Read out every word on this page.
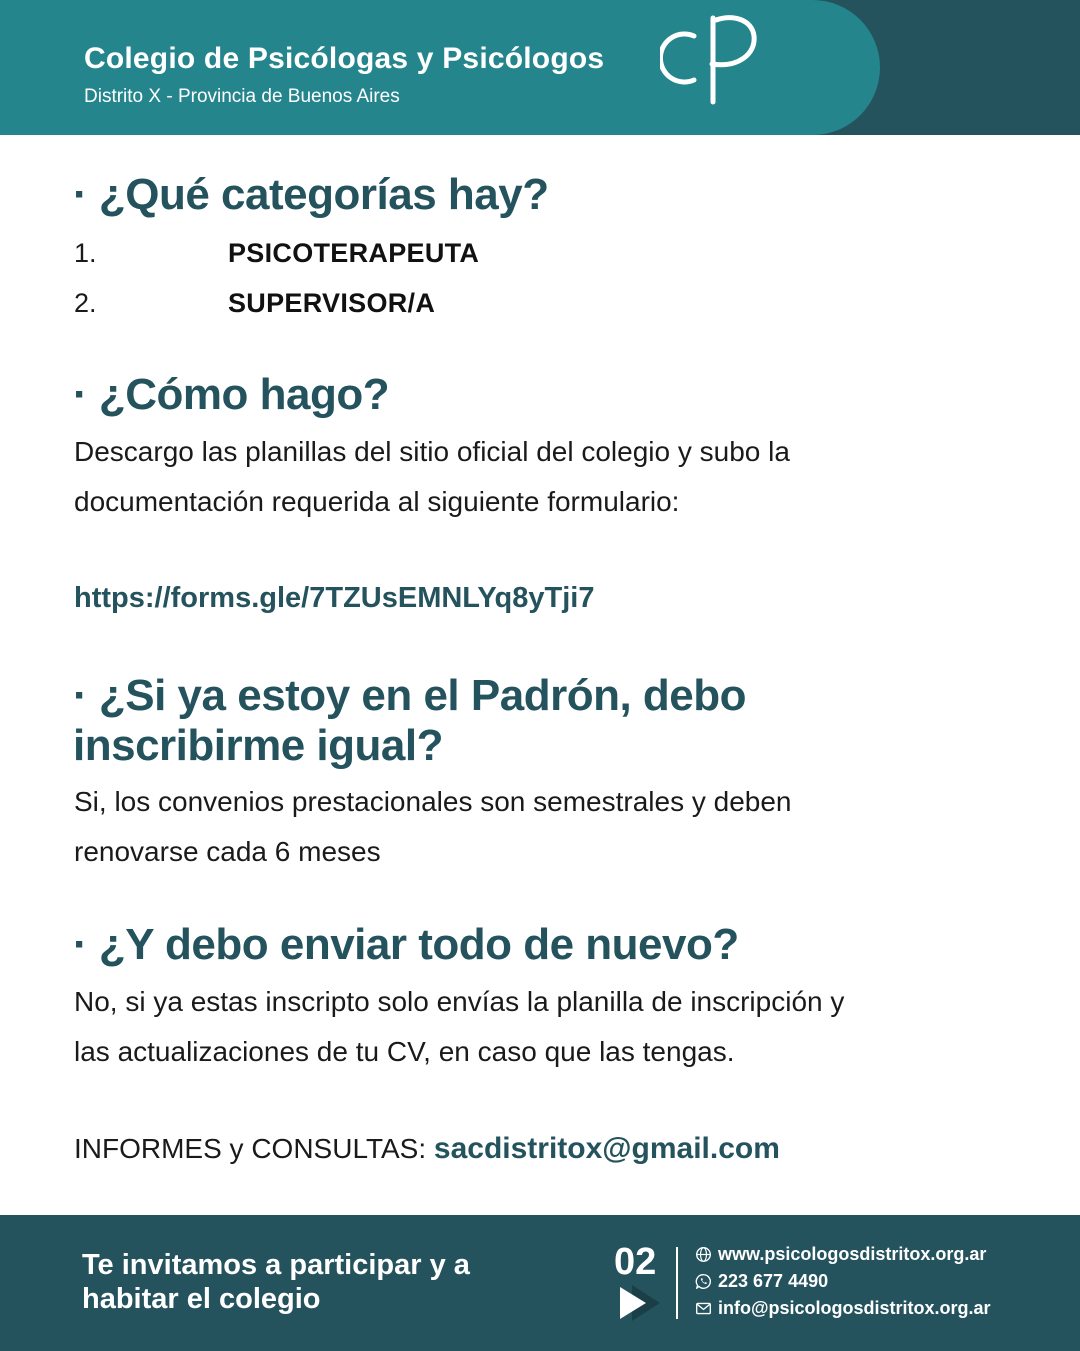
Colegio de Psicólogas y Psicólogos
Distrito X - Provincia de Buenos Aires
· ¿Qué categorías hay?
1.	PSICOTERAPEUTA
2.	SUPERVISOR/A
· ¿Cómo hago?
Descargo las planillas del sitio oficial del colegio y subo la
documentación requerida al siguiente formulario:
https://forms.gle/7TZUsEMNLYq8yTji7
· ¿Si ya estoy en el Padrón, debo
inscribirme igual?
Si, los convenios prestacionales son semestrales y deben
renovarse cada 6 meses
· ¿Y debo enviar todo de nuevo?
No, si ya estas inscripto solo envías la planilla de inscripción y
las actualizaciones de tu CV, en caso que las tengas.
INFORMES y CONSULTAS: sacdistritox@gmail.com
Te invitamos a participar y a
habitar el colegio
02	www.psicologosdistritox.org.ar
223 677 4490
info@psicologosdistritox.org.ar
